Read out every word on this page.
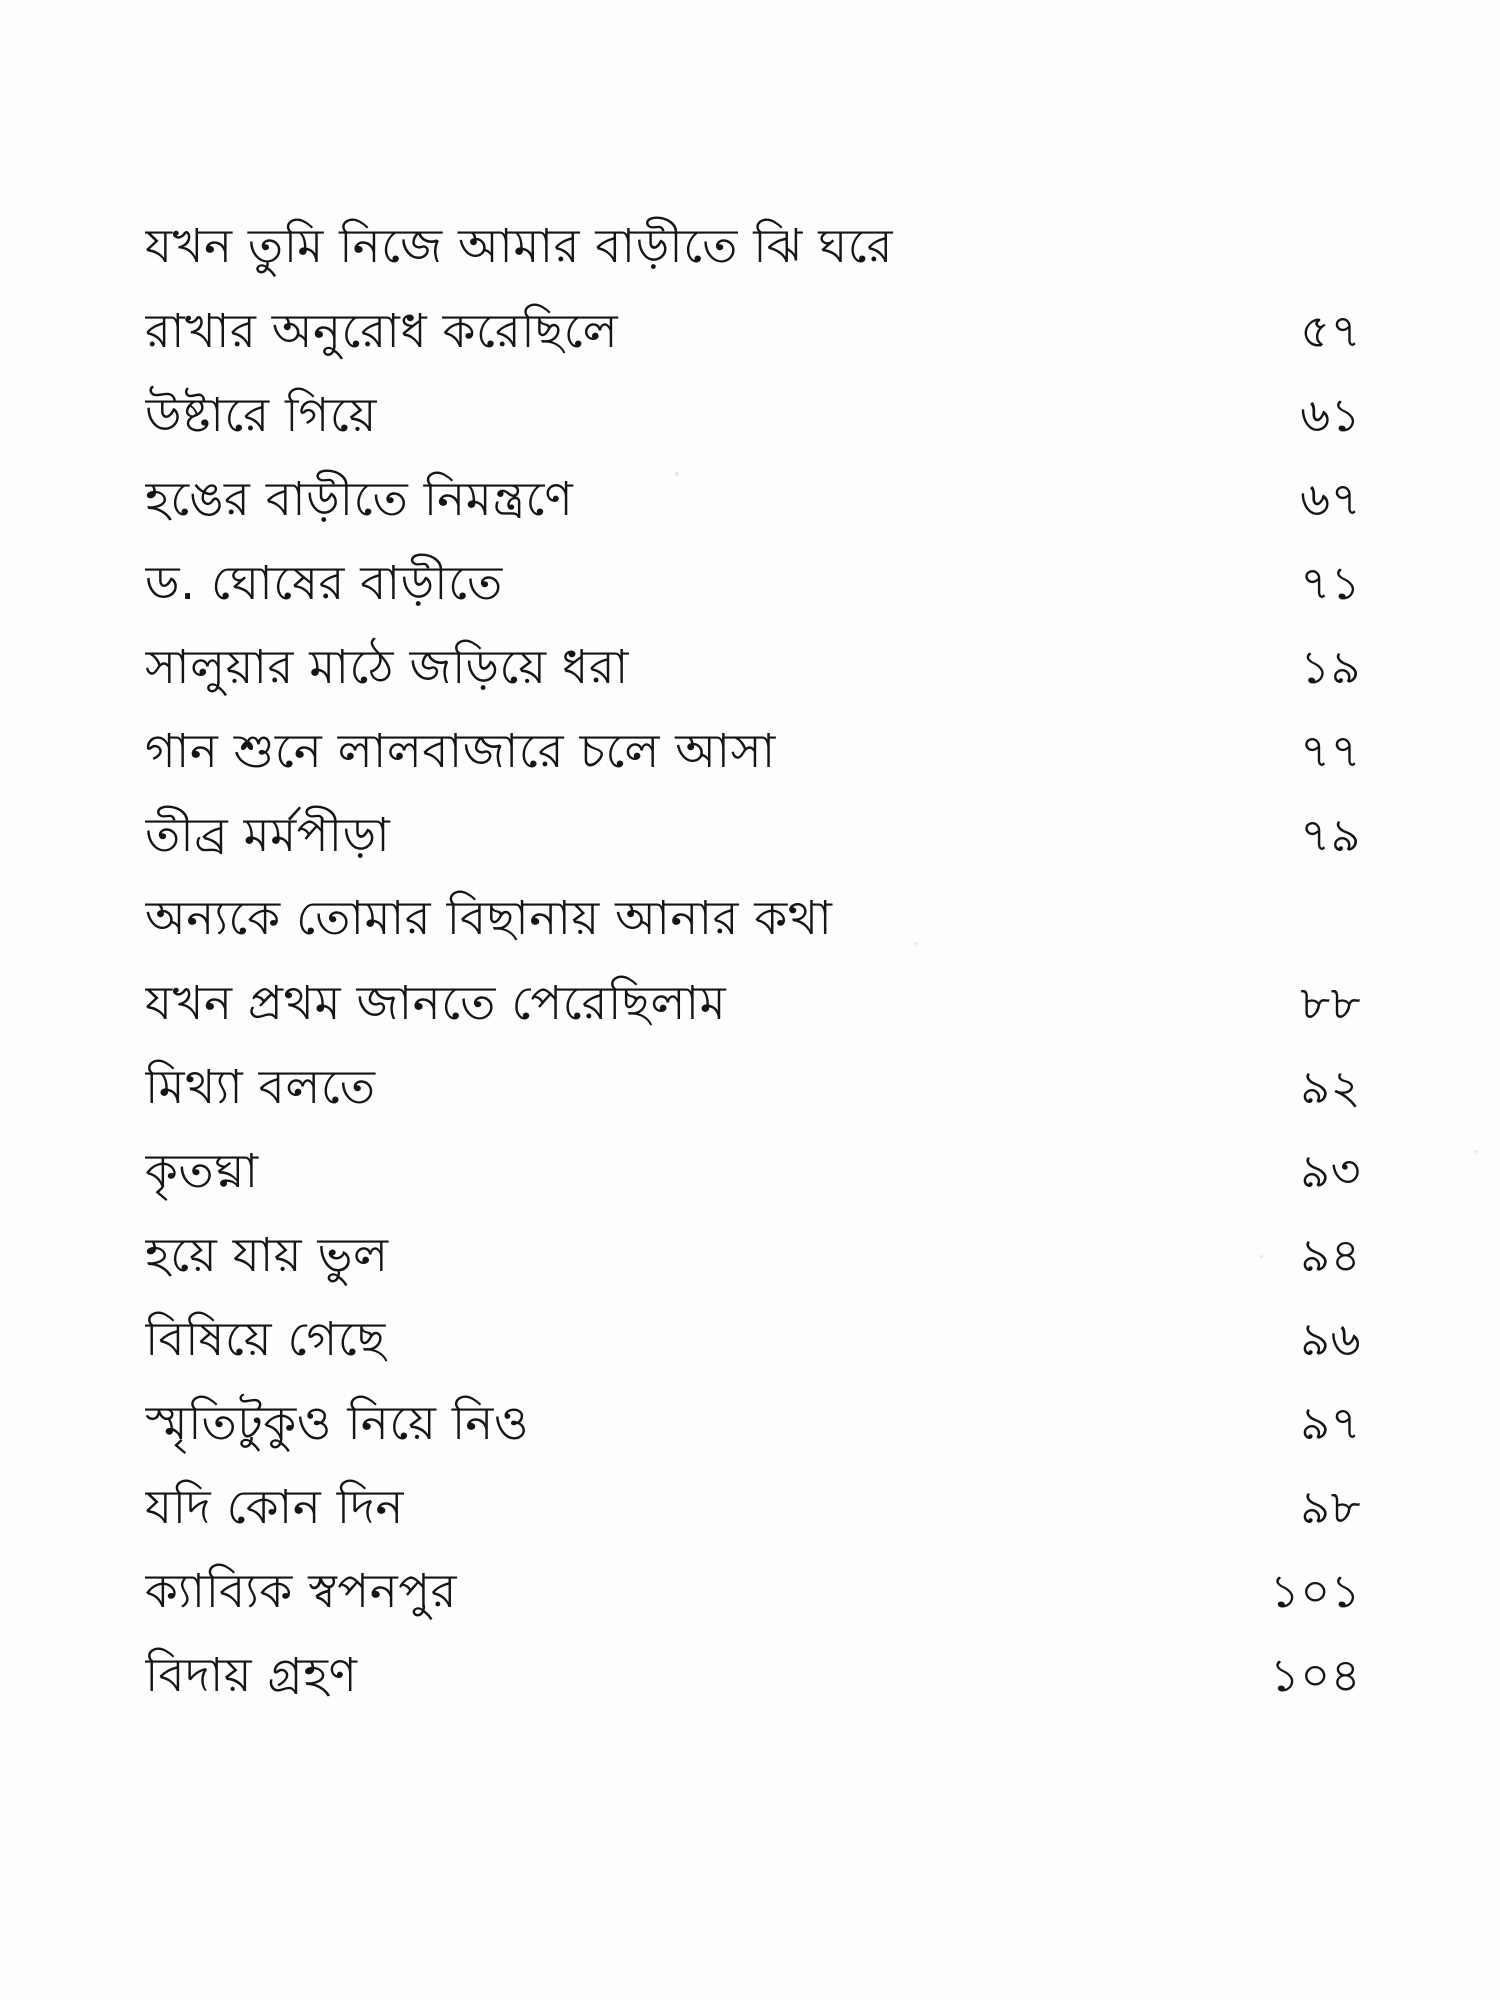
যখন তুমি নিজে আমার বাড়ীতে ঝি ঘরে
রাখার অনুরোধ করেছিলে	৫৭
উষ্টারে গিয়ে	৬১
হঙের বাড়ীতে নিমন্ত্রণে	৬৭
ড. ঘোষের বাড়ীতে	৭১
সালুয়ার মাঠে জড়িয়ে ধরা	১৯
গান শুনে লালবাজারে চলে আসা	৭৭
তীব্র মর্মপীড়া	৭৯
অন্যকে তোমার বিছানায় আনার কথা
যখন প্রথম জানতে পেরেছিলাম	৮৮
মিথ্যা বলতে	৯২
কৃতঘ্না	৯৩
হয়ে যায় ভুল	৯৪
বিষিয়ে গেছে	৯৬
স্মৃতিটুকুও নিয়ে নিও	৯৭
যদি কোন দিন	৯৮
ক্যাব্যিক স্বপনপুর	১০১
বিদায় গ্রহণ	১০৪
